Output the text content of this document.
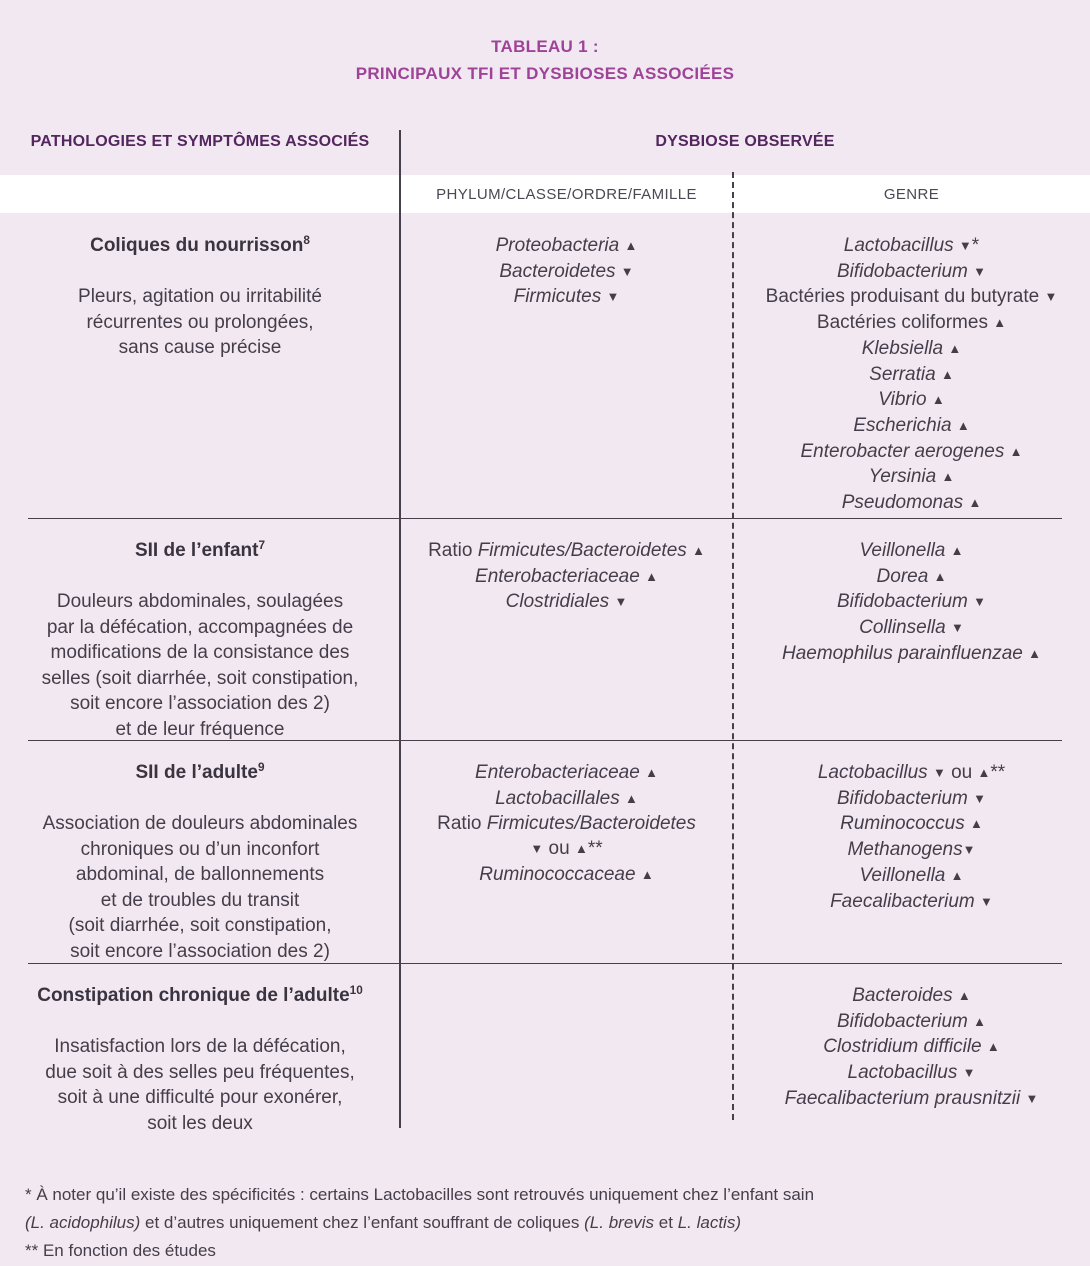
TABLEAU 1 :
PRINCIPAUX TFI ET DYSBIOSES ASSOCIÉES
PATHOLOGIES ET SYMPTÔMES ASSOCIÉS	DYSBIOSE OBSERVÉE
PHYLUM/CLASSE/ORDRE/FAMILLE	GENRE
Coliques du nourrisson$^8$
Pleurs, agitation ou irritabilité
récurrentes ou prolongées,
sans cause précise
Proteobacteria ▲
Bacteroidetes ▼
Firmicutes ▼
Lactobacillus ▼*
Bifidobacterium ▼
Bactéries produisant du butyrate ▼
Bactéries coliformes ▲
Klebsiella ▲
Serratia ▲
Vibrio ▲
Escherichia ▲
Enterobacter aerogenes ▲
Yersinia ▲
Pseudomonas ▲
SII de l’enfant$^7$
Douleurs abdominales, soulagées
par la défécation, accompagnées de
modifications de la consistance des
selles (soit diarrhée, soit constipation,
soit encore l’association des 2)
et de leur fréquence
Ratio Firmicutes/Bacteroidetes ▲
Enterobacteriaceae ▲
Clostridiales ▼
Veillonella ▲
Dorea ▲
Bifidobacterium ▼
Collinsella ▼
Haemophilus parainfluenzae ▲
SII de l’adulte$^9$
Association de douleurs abdominales
chroniques ou d’un inconfort
abdominal, de ballonnements
et de troubles du transit
(soit diarrhée, soit constipation,
soit encore l’association des 2)
Enterobacteriaceae ▲
Lactobacillales ▲
Ratio Firmicutes/Bacteroidetes
▼ ou ▲**
Ruminococcaceae ▲
Lactobacillus ▼ ou ▲**
Bifidobacterium ▼
Ruminococcus ▲
Methanogens▼
Veillonella ▲
Faecalibacterium ▼
Constipation chronique de l’adulte$^{10}$
Insatisfaction lors de la défécation,
due soit à des selles peu fréquentes,
soit à une difficulté pour exonérer,
soit les deux
Bacteroides ▲
Bifidobacterium ▲
Clostridium difficile ▲
Lactobacillus ▼
Faecalibacterium prausnitzii ▼
* À noter qu’il existe des spécificités : certains Lactobacilles sont retrouvés uniquement chez l’enfant sain
(L. acidophilus) et d’autres uniquement chez l’enfant souffrant de coliques (L. brevis et L. lactis)
** En fonction des études
